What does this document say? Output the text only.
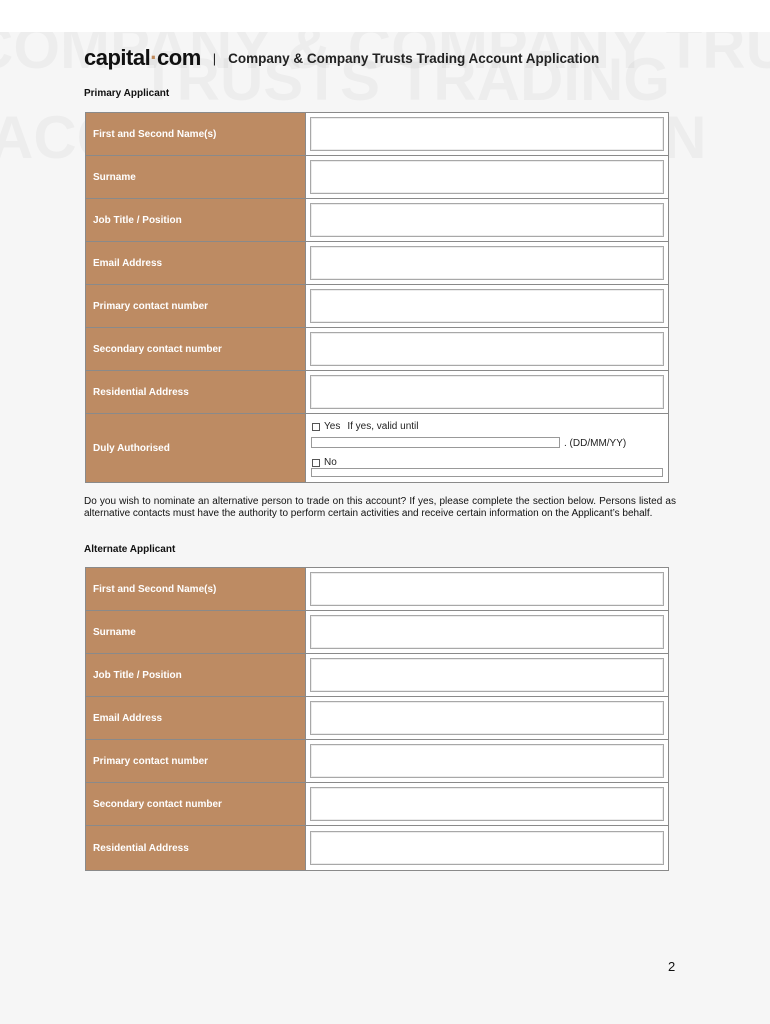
capital·com | Company & Company Trusts Trading Account Application
Primary Applicant
First and Second Name(s)
Surname
Job Title / Position
Email Address
Primary contact number
Secondary contact number
Residential Address
Duly Authorised
Yes If yes, valid until
. (DD/MM/YY)
No
Do you wish to nominate an alternative person to trade on this account? If yes, please complete the section below. Persons listed as alternative contacts must have the authority to perform certain activities and receive certain information on the Applicant’s behalf.
Alternate Applicant
First and Second Name(s)
Surname
Job Title / Position
Email Address
Primary contact number
Secondary contact number
Residential Address
2
